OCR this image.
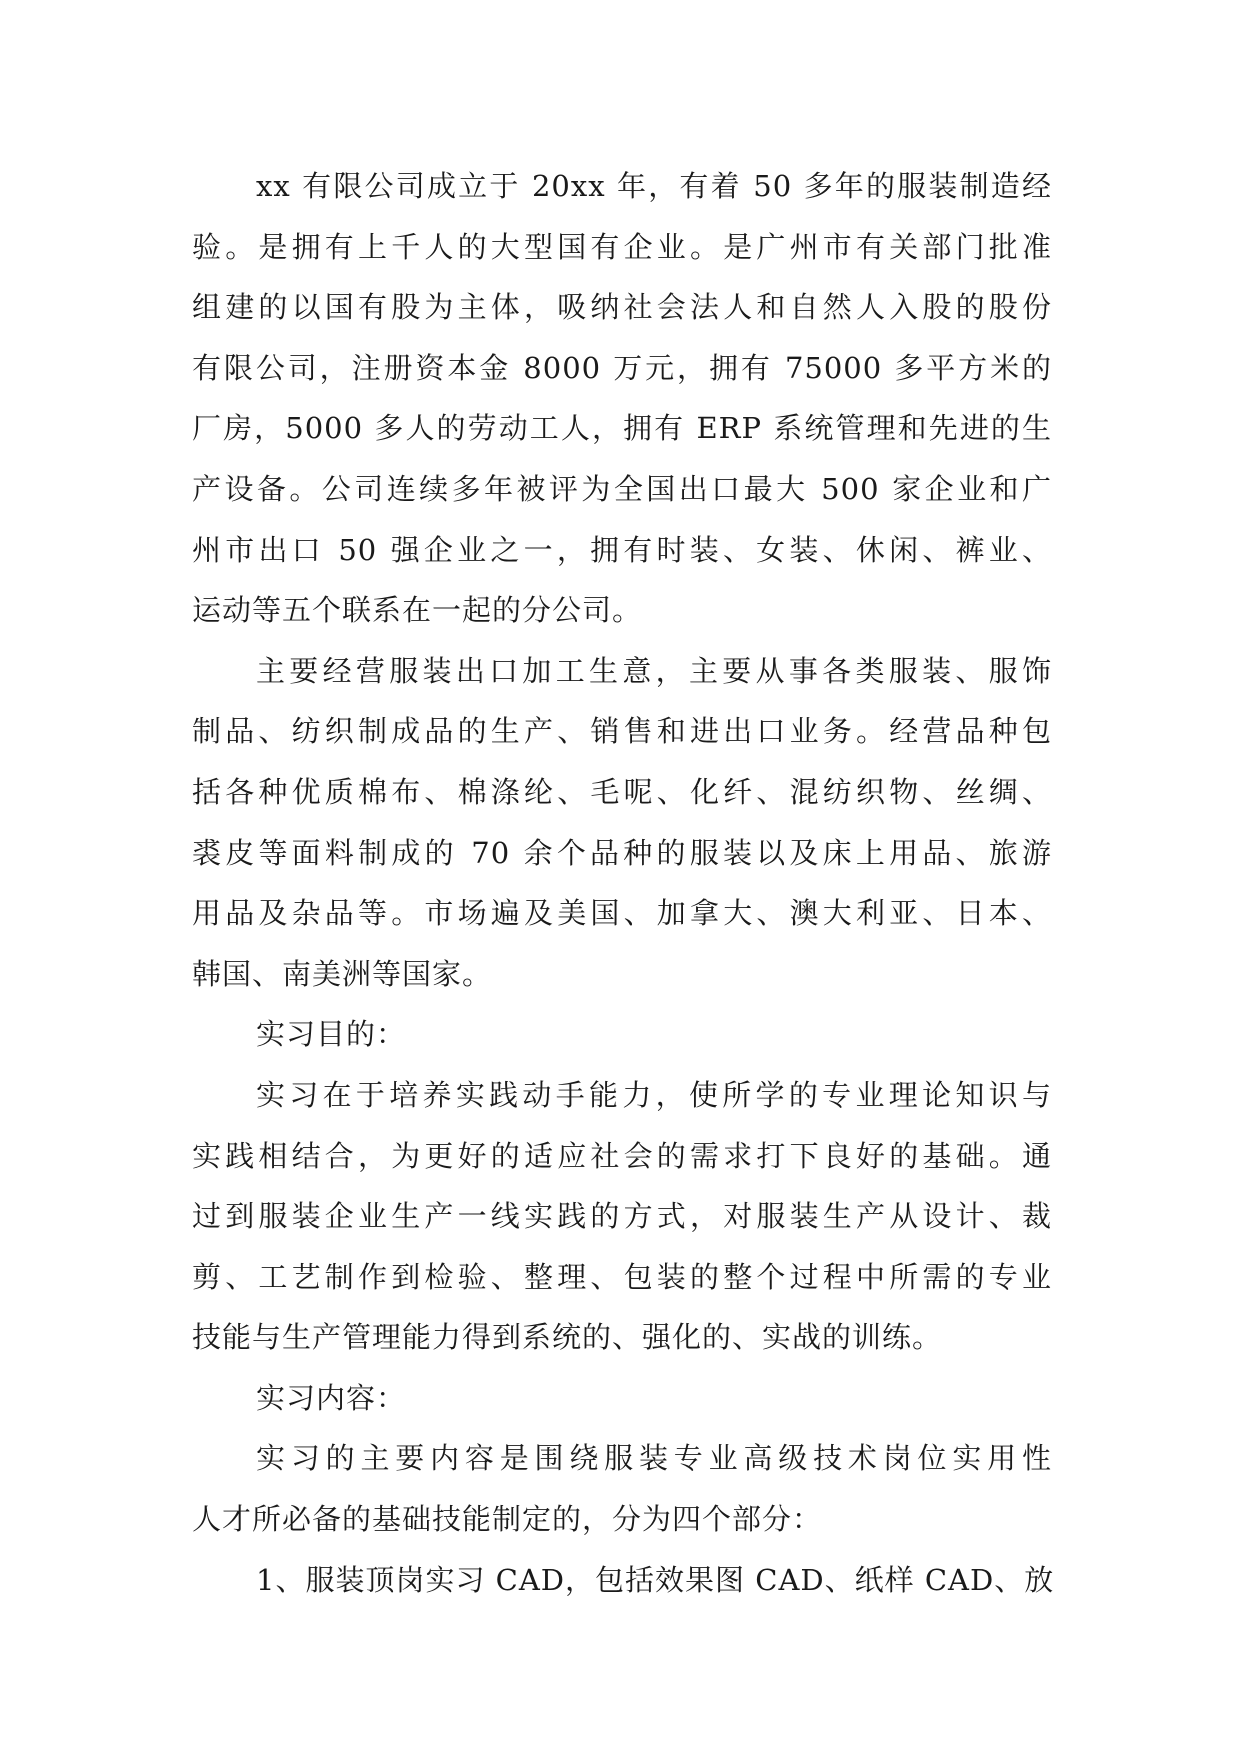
xx 有限公司成立于 20xx 年，有着 50 多年的服装制造经
验。是拥有上千人的大型国有企业。是广州市有关部门批准
组建的以国有股为主体，吸纳社会法人和自然人入股的股份
有限公司，注册资本金 8000 万元，拥有 75000 多平方米的
厂房，5000 多人的劳动工人，拥有 ERP 系统管理和先进的生
产设备。公司连续多年被评为全国出口最大 500 家企业和广
州市出口 50 强企业之一，拥有时装、女装、休闲、裤业、
运动等五个联系在一起的分公司。
主要经营服装出口加工生意，主要从事各类服装、服饰
制品、纺织制成品的生产、销售和进出口业务。经营品种包
括各种优质棉布、棉涤纶、毛呢、化纤、混纺织物、丝绸、
裘皮等面料制成的 70 余个品种的服装以及床上用品、旅游
用品及杂品等。市场遍及美国、加拿大、澳大利亚、日本、
韩国、南美洲等国家。
实习目的：
实习在于培养实践动手能力，使所学的专业理论知识与
实践相结合，为更好的适应社会的需求打下良好的基础。通
过到服装企业生产一线实践的方式，对服装生产从设计、裁
剪、工艺制作到检验、整理、包装的整个过程中所需的专业
技能与生产管理能力得到系统的、强化的、实战的训练。
实习内容：
实习的主要内容是围绕服装专业高级技术岗位实用性
人才所必备的基础技能制定的，分为四个部分：
1、服装顶岗实习 CAD，包括效果图 CAD、纸样 CAD、放
